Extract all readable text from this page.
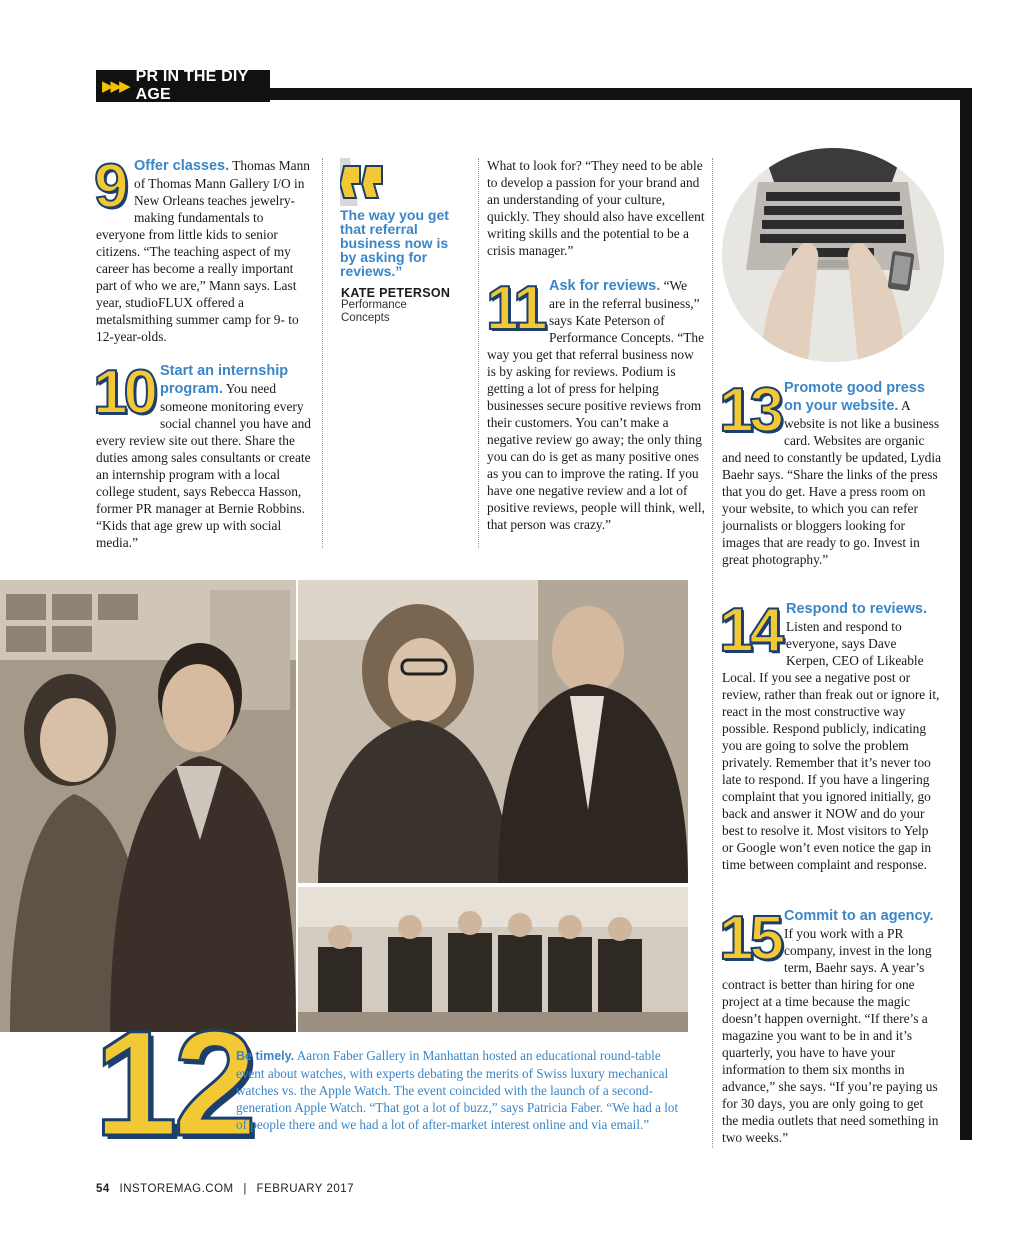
▶▶▶
PR IN THE DIY AGE
9 Offer classes. Thomas Mann of Thomas Mann Gallery I/O in New Orleans teaches jewelry-making fundamentals to everyone from little kids to senior citizens. “The teaching aspect of my career has become a really important part of who we are,” Mann says. Last year, studioFLUX offered a metalsmithing summer camp for 9- to 12-year-olds.
10 Start an internship program. You need someone monitoring every social channel you have and every review site out there. Share the duties among sales consultants or create an internship program with a local college student, says Rebecca Hasson, former PR manager at Bernie Robbins. “Kids that age grew up with social media.”
The way you get that referral business now is by asking for reviews.”
KATE PETERSON
Performance Concepts
What to look for? “They need to be able to develop a passion for your brand and an understanding of your culture, quickly. They should also have excellent writing skills and the potential to be a crisis manager.”
11 Ask for reviews. “We are in the referral business,” says Kate Peterson of Performance Concepts. “The way you get that referral business now is by asking for reviews. Podium is getting a lot of press for helping businesses secure positive reviews from their customers. You can’t make a negative review go away; the only thing you can do is get as many positive ones as you can to improve the rating. If you have one negative review and a lot of positive reviews, people will think, well, that person was crazy.”
13 Promote good press on your website. A website is not like a business card. Websites are organic and need to constantly be updated, Lydia Baehr says. “Share the links of the press that you do get. Have a press room on your website, to which you can refer journalists or bloggers looking for images that are ready to go. Invest in great photography.”
14 Respond to reviews. Listen and respond to everyone, says Dave Kerpen, CEO of Likeable Local. If you see a negative post or review, rather than freak out or ignore it, react in the most constructive way possible. Respond publicly, indicating you are going to solve the problem privately. Remember that it’s never too late to respond. If you have a lingering complaint that you ignored initially, go back and answer it NOW and do your best to resolve it. Most visitors to Yelp or Google won’t even notice the gap in time between complaint and response.
15 Commit to an agency. If you work with a PR company, invest in the long term, Baehr says. A year’s contract is better than hiring for one project at a time because the magic doesn’t happen overnight. “If there’s a magazine you want to be in and it’s quarterly, you have to have your information to them six months in advance,” she says. “If you’re paying us for 30 days, you are only going to get the media outlets that need something in two weeks.”
12
Be timely. Aaron Faber Gallery in Manhattan hosted an educational round-table event about watches, with experts debating the merits of Swiss luxury mechanical watches vs. the Apple Watch. The event coincided with the launch of a second-generation Apple Watch. “That got a lot of buzz,” says Patricia Faber. “We had a lot of people there and we had a lot of after-market interest online and via email.”
54 INSTOREMAG.COM | FEBRUARY 2017
